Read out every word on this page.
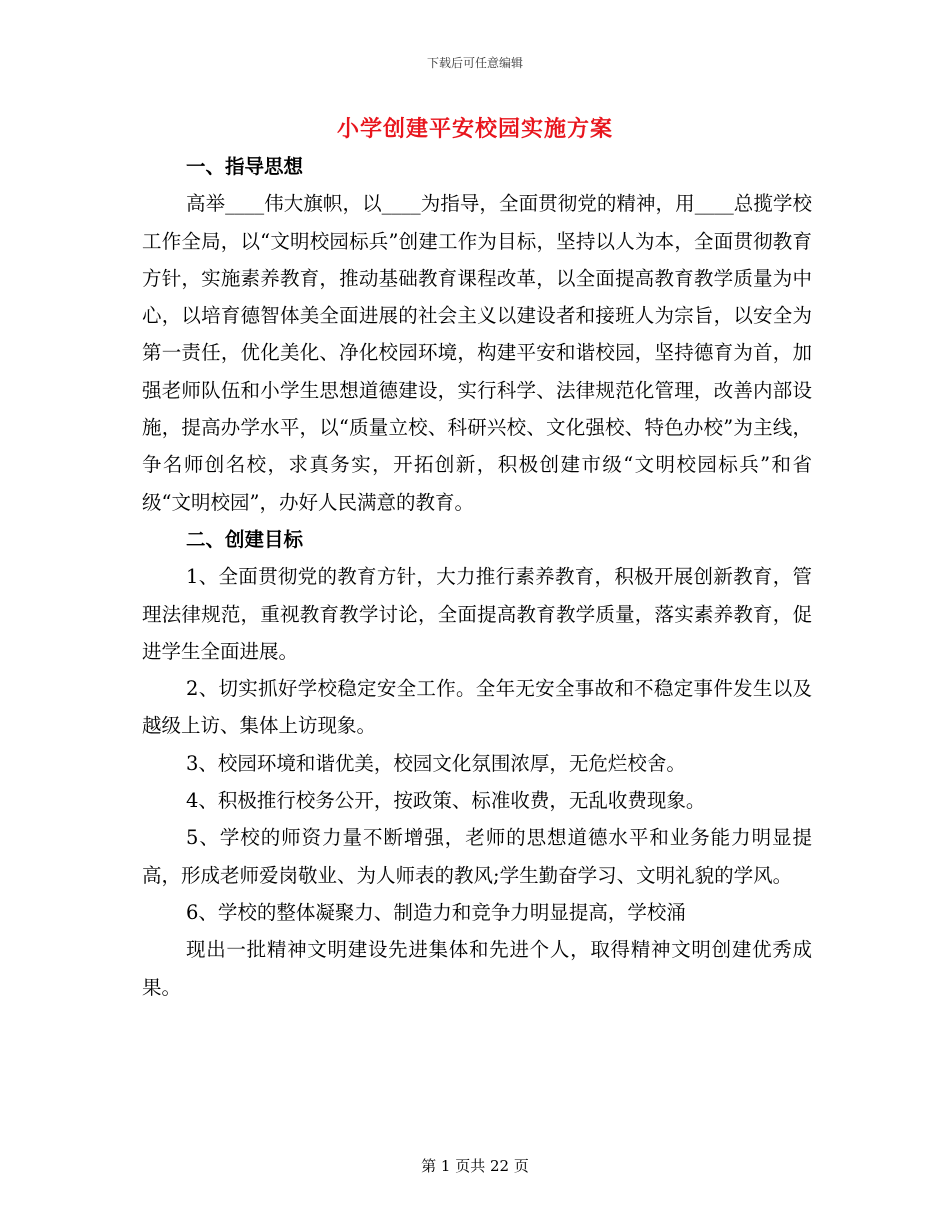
下载后可任意编辑
小学创建平安校园实施方案

一、指导思想

高举____伟大旗帜，以____为指导，全面贯彻党的精神，用____总揽学校工作全局，以“文明校园标兵”创建工作为目标，坚持以人为本，全面贯彻教育方针，实施素养教育，推动基础教育课程改革，以全面提高教育教学质量为中心，以培育德智体美全面进展的社会主义以建设者和接班人为宗旨，以安全为第一责任，优化美化、净化校园环境，构建平安和谐校园，坚持德育为首，加强老师队伍和小学生思想道德建设，实行科学、法律规范化管理，改善内部设施，提高办学水平，以“质量立校、科研兴校、文化强校、特色办校”为主线，争名师创名校，求真务实，开拓创新，积极创建市级“文明校园标兵”和省级“文明校园”，办好人民满意的教育。

二、创建目标

1、全面贯彻党的教育方针，大力推行素养教育，积极开展创新教育，管理法律规范，重视教育教学讨论，全面提高教育教学质量，落实素养教育，促进学生全面进展。

2、切实抓好学校稳定安全工作。全年无安全事故和不稳定事件发生以及越级上访、集体上访现象。

3、校园环境和谐优美，校园文化氛围浓厚，无危烂校舍。

4、积极推行校务公开，按政策、标准收费，无乱收费现象。

5、学校的师资力量不断增强，老师的思想道德水平和业务能力明显提高，形成老师爱岗敬业、为人师表的教风;学生勤奋学习、文明礼貌的学风。

6、学校的整体凝聚力、制造力和竞争力明显提高，学校涌

现出一批精神文明建设先进集体和先进个人，取得精神文明创建优秀成果。

第 1 页共 22 页
